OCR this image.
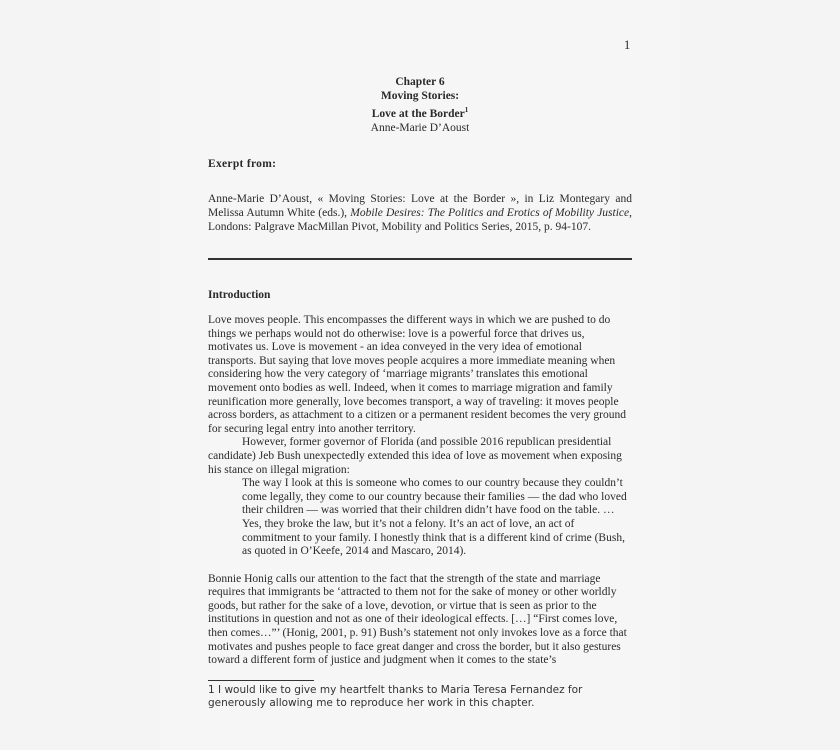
1
Chapter 6
Moving Stories:
Love at the Border$^1$
Anne-Marie D’Aoust
Exerpt from:
Anne-Marie D’Aoust, « Moving Stories: Love at the Border », in Liz Montegary and Melissa Autumn White (eds.), Mobile Desires: The Politics and Erotics of Mobility Justice, Londons: Palgrave MacMillan Pivot, Mobility and Politics Series, 2015, p. 94-107.
Introduction

Love moves people. This encompasses the different ways in which we are pushed to do things we perhaps would not do otherwise: love is a powerful force that drives us, motivates us. Love is movement - an idea conveyed in the very idea of emotional transports. But saying that love moves people acquires a more immediate meaning when considering how the very category of ‘marriage migrants’ translates this emotional movement onto bodies as well. Indeed, when it comes to marriage migration and family reunification more generally, love becomes transport, a way of traveling: it moves people across borders, as attachment to a citizen or a permanent resident becomes the very ground for securing legal entry into another territory.

However, former governor of Florida (and possible 2016 republican presidential candidate) Jeb Bush unexpectedly extended this idea of love as movement when exposing his stance on illegal migration:

The way I look at this is someone who comes to our country because they couldn’t come legally, they come to our country because their families — the dad who loved their children — was worried that their children didn’t have food on the table. … Yes, they broke the law, but it’s not a felony. It’s an act of love, an act of commitment to your family. I honestly think that is a different kind of crime (Bush, as quoted in O’Keefe, 2014 and Mascaro, 2014).

Bonnie Honig calls our attention to the fact that the strength of the state and marriage requires that immigrants be ‘attracted to them not for the sake of money or other worldly goods, but rather for the sake of a love, devotion, or virtue that is seen as prior to the institutions in question and not as one of their ideological effects. […] “First comes love, then comes…”’ (Honig, 2001, p. 91) Bush’s statement not only invokes love as a force that motivates and pushes people to face great danger and cross the border, but it also gestures toward a different form of justice and judgment when it comes to the state’s

1 I would like to give my heartfelt thanks to Maria Teresa Fernandez for generously allowing me to reproduce her work in this chapter.
